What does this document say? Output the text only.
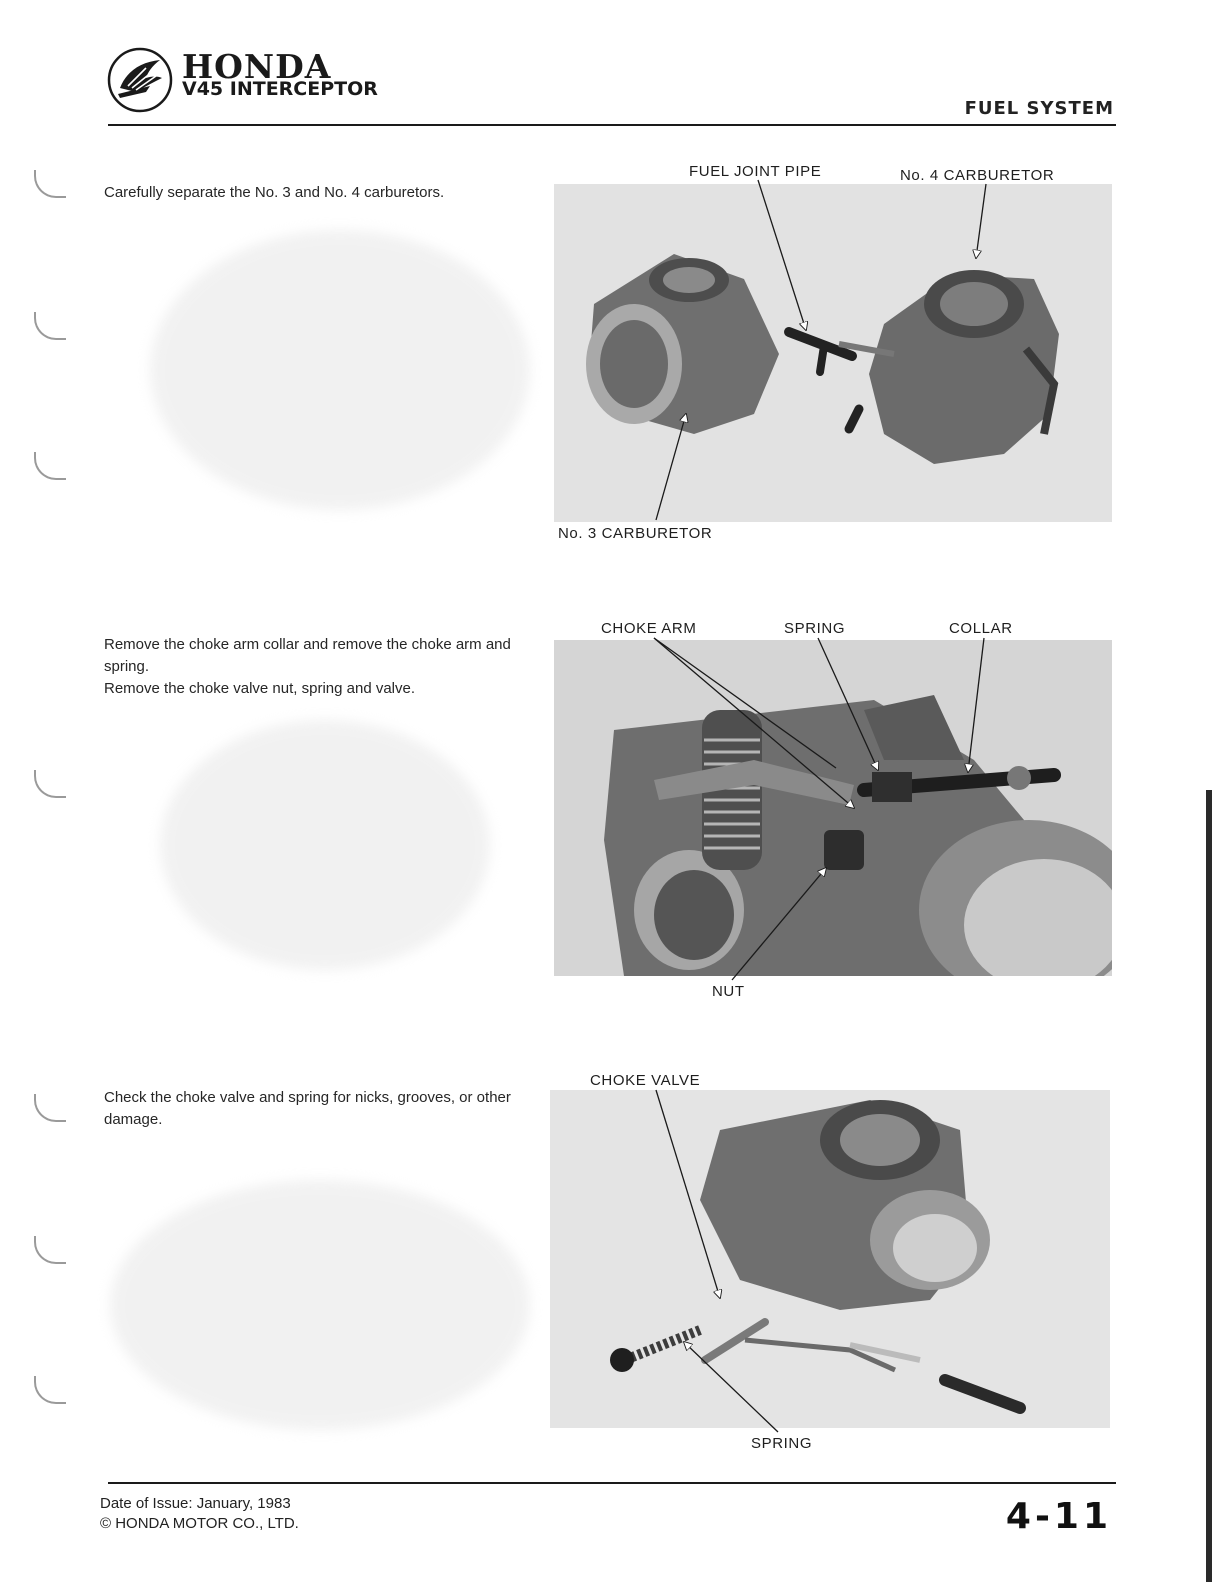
HONDA
V45 INTERCEPTOR
FUEL SYSTEM

Carefully separate the No. 3 and No. 4 carburetors.

FUEL JOINT PIPE	No. 4 CARBURETOR
No. 3 CARBURETOR

Remove the choke arm collar and remove the choke arm and spring.

Remove the choke valve nut, spring and valve.

CHOKE ARM	SPRING	COLLAR
NUT

Check the choke valve and spring for nicks, grooves, or other damage.

CHOKE VALVE
SPRING
Date of Issue: January, 1983
© HONDA MOTOR CO., LTD.	4-11
